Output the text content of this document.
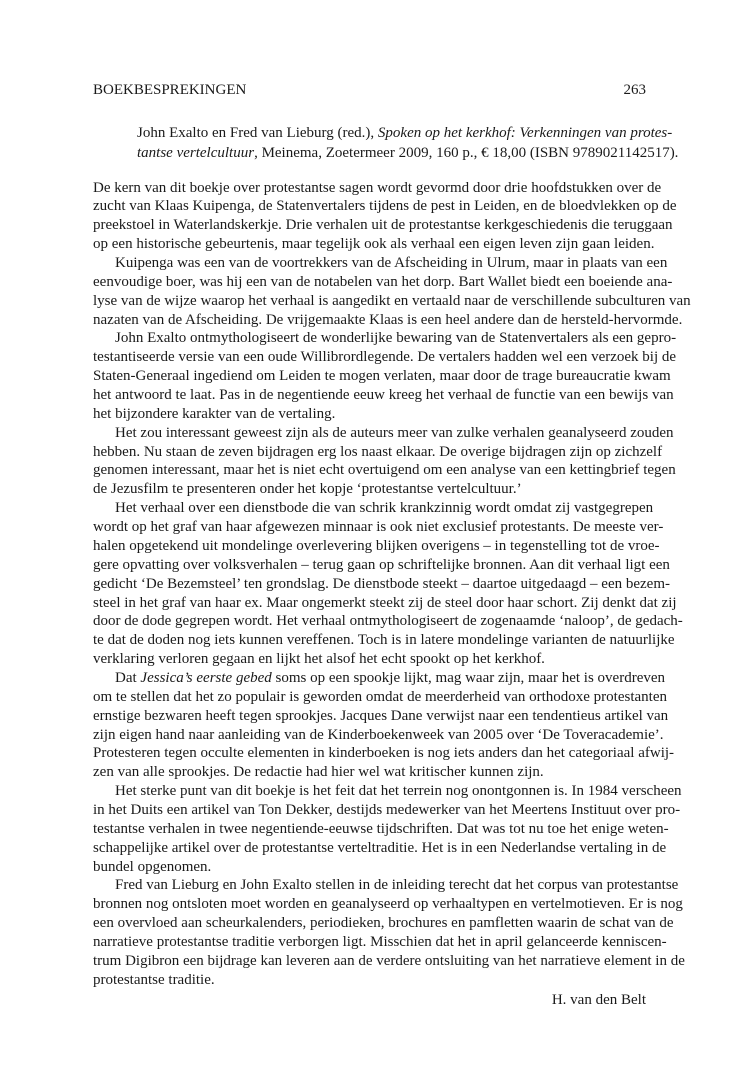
BOEKBESPREKINGEN	263
John Exalto en Fred van Lieburg (red.), Spoken op het kerkhof: Verkenningen van protes-
tantse vertelcultuur, Meinema, Zoetermeer 2009, 160 p., € 18,00 (ISBN 9789021142517).
De kern van dit boekje over protestantse sagen wordt gevormd door drie hoofdstukken over de
zucht van Klaas Kuipenga, de Statenvertalers tijdens de pest in Leiden, en de bloedvlekken op de
preekstoel in Waterlandskerkje. Drie verhalen uit de protestantse kerkgeschiedenis die teruggaan
op een historische gebeurtenis, maar tegelijk ook als verhaal een eigen leven zijn gaan leiden.
Kuipenga was een van de voortrekkers van de Afscheiding in Ulrum, maar in plaats van een
eenvoudige boer, was hij een van de notabelen van het dorp. Bart Wallet biedt een boeiende ana-
lyse van de wijze waarop het verhaal is aangedikt en vertaald naar de verschillende subculturen van
nazaten van de Afscheiding. De vrijgemaakte Klaas is een heel andere dan de hersteld-hervormde.
John Exalto ontmythologiseert de wonderlijke bewaring van de Statenvertalers als een gepro-
testantiseerde versie van een oude Willibrordlegende. De vertalers hadden wel een verzoek bij de
Staten-Generaal ingediend om Leiden te mogen verlaten, maar door de trage bureaucratie kwam
het antwoord te laat. Pas in de negentiende eeuw kreeg het verhaal de functie van een bewijs van
het bijzondere karakter van de vertaling.
Het zou interessant geweest zijn als de auteurs meer van zulke verhalen geanalyseerd zouden
hebben. Nu staan de zeven bijdragen erg los naast elkaar. De overige bijdragen zijn op zichzelf
genomen interessant, maar het is niet echt overtuigend om een analyse van een kettingbrief tegen
de Jezusfilm te presenteren onder het kopje ‘protestantse vertelcultuur.’
Het verhaal over een dienstbode die van schrik krankzinnig wordt omdat zij vastgegrepen
wordt op het graf van haar afgewezen minnaar is ook niet exclusief protestants. De meeste ver-
halen opgetekend uit mondelinge overlevering blijken overigens – in tegenstelling tot de vroe-
gere opvatting over volksverhalen – terug gaan op schriftelijke bronnen. Aan dit verhaal ligt een
gedicht ‘De Bezemsteel’ ten grondslag. De dienstbode steekt – daartoe uitgedaagd – een bezem-
steel in het graf van haar ex. Maar ongemerkt steekt zij de steel door haar schort. Zij denkt dat zij
door de dode gegrepen wordt. Het verhaal ontmythologiseert de zogenaamde ‘naloop’, de gedach-
te dat de doden nog iets kunnen vereffenen. Toch is in latere mondelinge varianten de natuurlijke
verklaring verloren gegaan en lijkt het alsof het echt spookt op het kerkhof.
Dat Jessica’s eerste gebed soms op een spookje lijkt, mag waar zijn, maar het is overdreven
om te stellen dat het zo populair is geworden omdat de meerderheid van orthodoxe protestanten
ernstige bezwaren heeft tegen sprookjes. Jacques Dane verwijst naar een tendentieus artikel van
zijn eigen hand naar aanleiding van de Kinderboekenweek van 2005 over ‘De Toveracademie’.
Protesteren tegen occulte elementen in kinderboeken is nog iets anders dan het categoriaal afwij-
zen van alle sprookjes. De redactie had hier wel wat kritischer kunnen zijn.
Het sterke punt van dit boekje is het feit dat het terrein nog onontgonnen is. In 1984 verscheen
in het Duits een artikel van Ton Dekker, destijds medewerker van het Meertens Instituut over pro-
testantse verhalen in twee negentiende-eeuwse tijdschriften. Dat was tot nu toe het enige weten-
schappelijke artikel over de protestantse verteltraditie. Het is in een Nederlandse vertaling in de
bundel opgenomen.
Fred van Lieburg en John Exalto stellen in de inleiding terecht dat het corpus van protestantse
bronnen nog ontsloten moet worden en geanalyseerd op verhaaltypen en vertelmotieven. Er is nog
een overvloed aan scheurkalenders, periodieken, brochures en pamfletten waarin de schat van de
narratieve protestantse traditie verborgen ligt. Misschien dat het in april gelanceerde kenniscen-
trum Digibron een bijdrage kan leveren aan de verdere ontsluiting van het narratieve element in de
protestantse traditie.
H. van den Belt
